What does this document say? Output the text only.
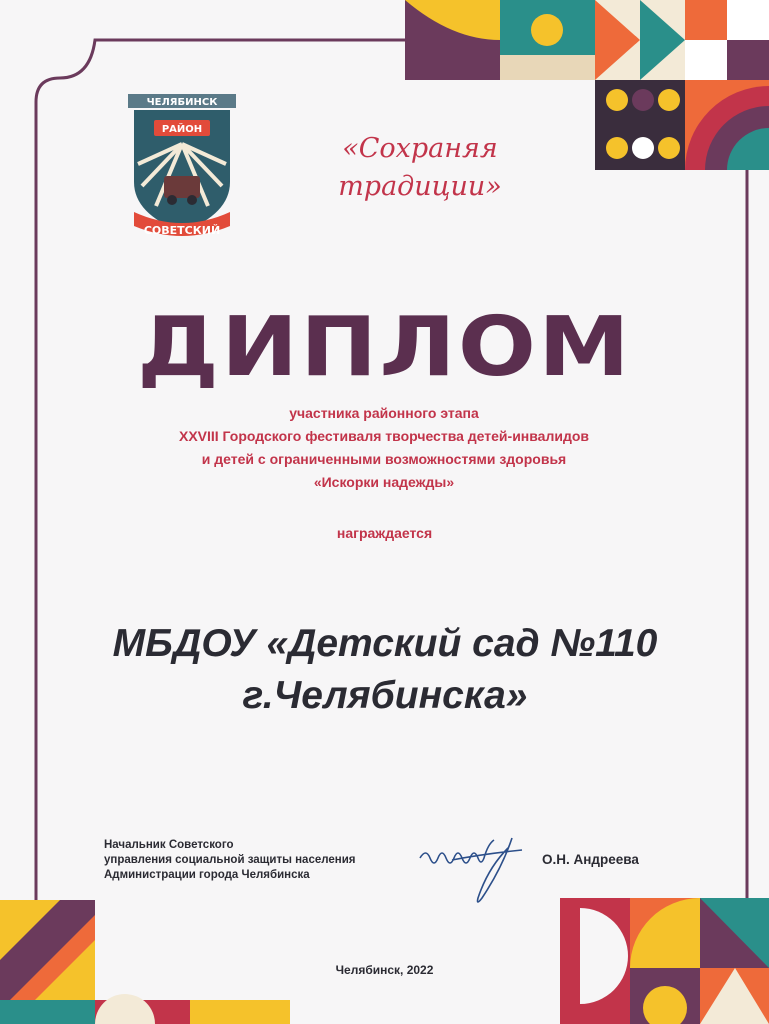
ЧЕЛЯБИНСК
РАЙОН
СОВЕТСКИЙ
«Сохраняя
традиции»
ДИПЛОМ
участника районного этапа
XXVIII Городского фестиваля творчества детей-инвалидов
и детей с ограниченными возможностями здоровья
«Искорки надежды»
награждается
МБДОУ «Детский сад №110
г.Челябинска»
Начальник Советского
управления социальной защиты населения
Администрации города Челябинска
О.Н. Андреева
Челябинск, 2022
